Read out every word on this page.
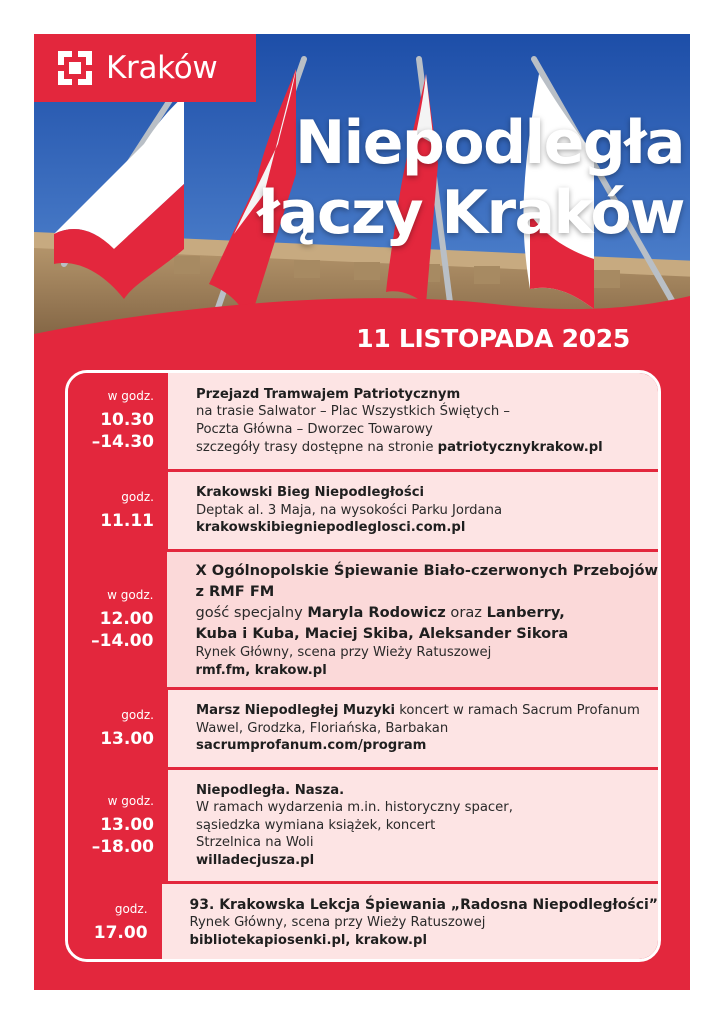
Kraków
Niepodległa
łączy Kraków
11 LISTOPADA 2025
w godz.
10.30
–14.30
Przejazd Tramwajem Patriotycznym
na trasie Salwator – Plac Wszystkich Świętych –
Poczta Główna – Dworzec Towarowy
szczegóły trasy dostępne na stronie patriotycznykrakow.pl
godz.
11.11
Krakowski Bieg Niepodległości
Deptak al. 3 Maja, na wysokości Parku Jordana
krakowskibiegniepodleglosci.com.pl
w godz.
12.00
–14.00
X Ogólnopolskie Śpiewanie Biało-czerwonych Przebojów
z RMF FM
gość specjalny Maryla Rodowicz oraz Lanberry,
Kuba i Kuba, Maciej Skiba, Aleksander Sikora
Rynek Główny, scena przy Wieży Ratuszowej
rmf.fm, krakow.pl
godz.
13.00
Marsz Niepodległej Muzyki koncert w ramach Sacrum Profanum
Wawel, Grodzka, Floriańska, Barbakan
sacrumprofanum.com/program
w godz.
13.00
–18.00
Niepodległa. Nasza.
W ramach wydarzenia m.in. historyczny spacer,
sąsiedzka wymiana książek, koncert
Strzelnica na Woli
willadecjusza.pl
godz.
17.00
93. Krakowska Lekcja Śpiewania „Radosna Niepodległości”
Rynek Główny, scena przy Wieży Ratuszowej
bibliotekapiosenki.pl, krakow.pl
